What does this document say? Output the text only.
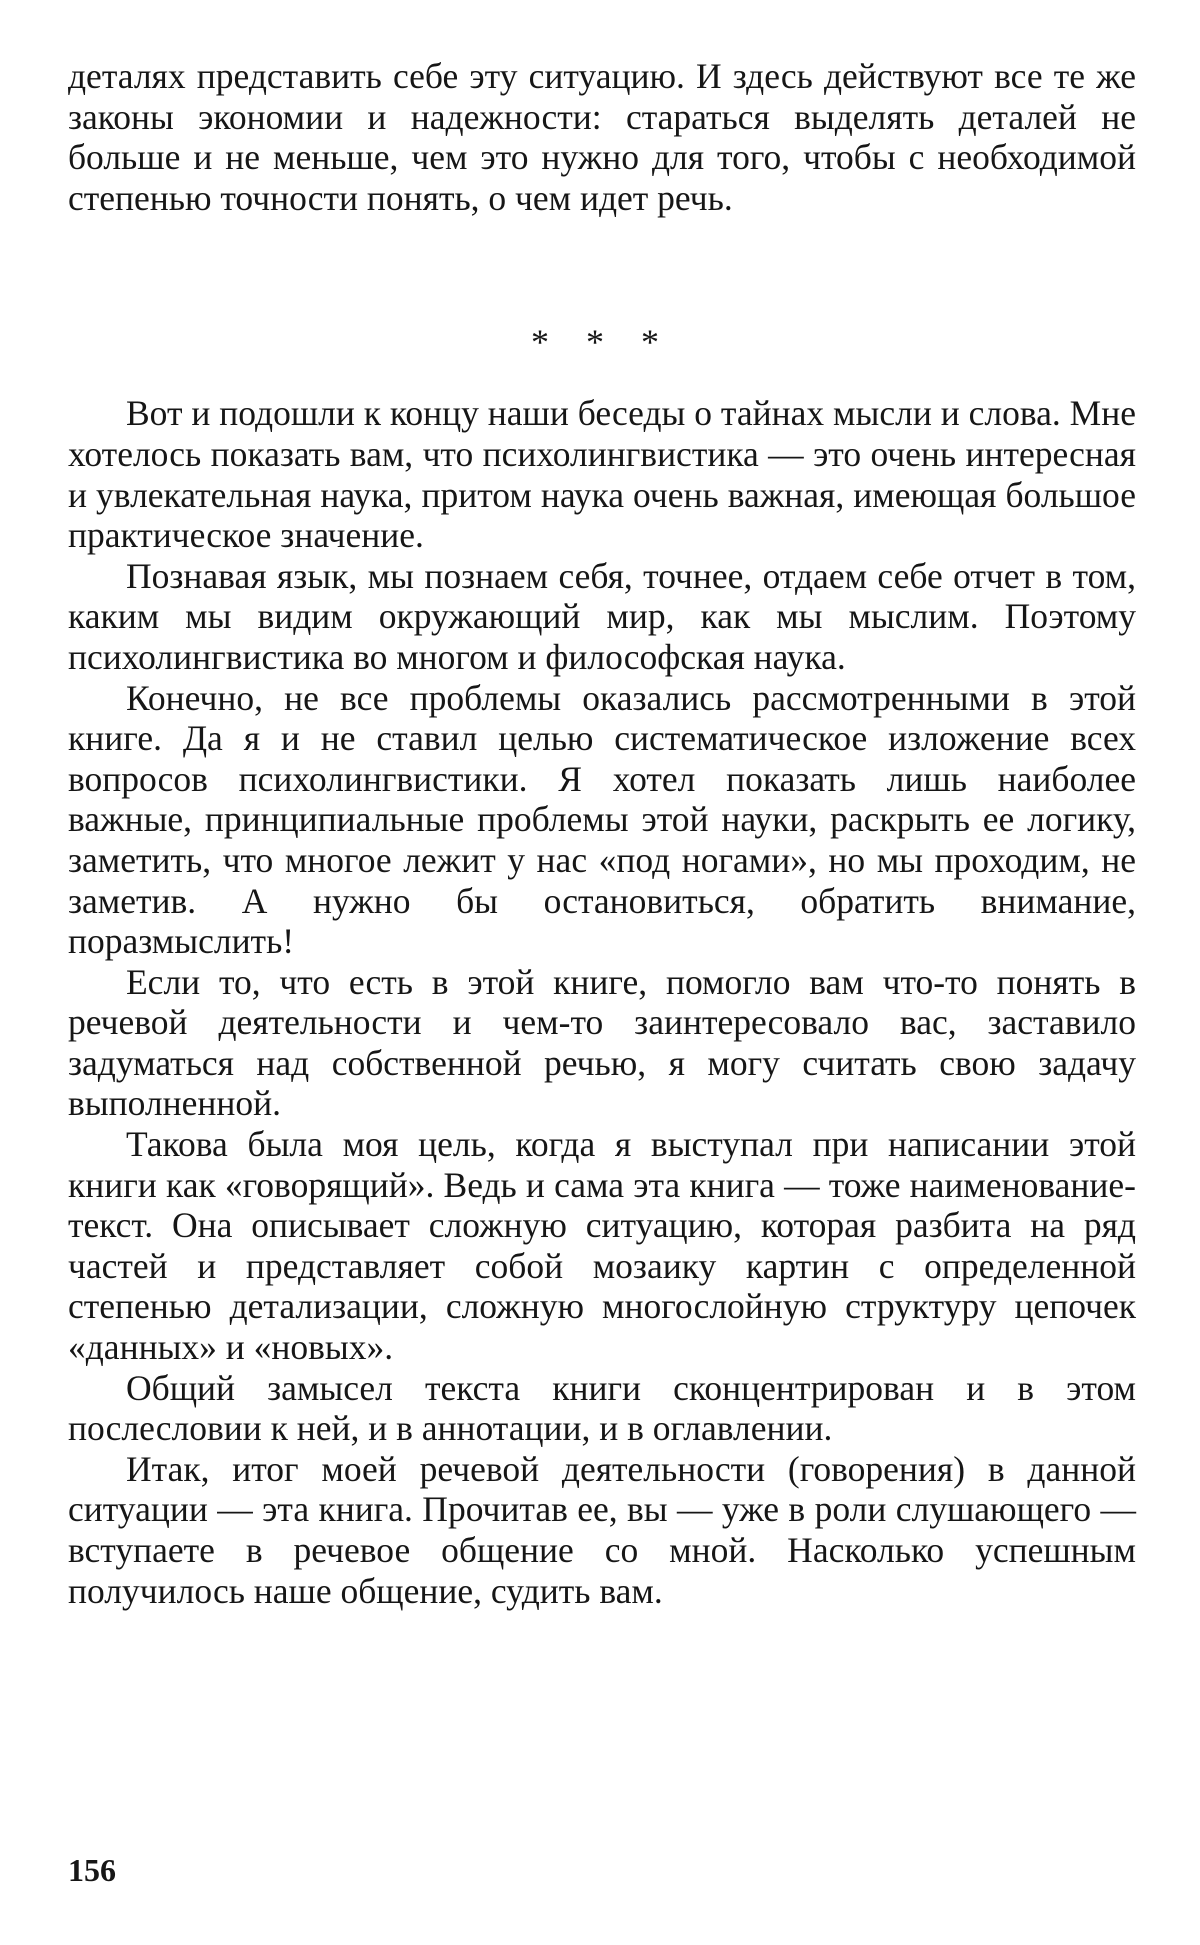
деталях представить себе эту ситуацию. И здесь действуют все те же законы экономии и надежности: стараться выделять деталей не больше и не меньше, чем это нужно для того, чтобы с необходимой степенью точности понять, о чем идет речь.

* * *

Вот и подошли к концу наши беседы о тайнах мысли и слова. Мне хотелось показать вам, что психолингвистика — это очень интересная и увлекательная наука, притом наука очень важная, имеющая большое практическое значение.

Познавая язык, мы познаем себя, точнее, отдаем себе отчет в том, каким мы видим окружающий мир, как мы мыслим. Поэтому психолингвистика во многом и философская наука.

Конечно, не все проблемы оказались рассмотренными в этой книге. Да я и не ставил целью систематическое изложение всех вопросов психолингвистики. Я хотел показать лишь наиболее важные, принципиальные проблемы этой науки, раскрыть ее логику, заметить, что многое лежит у нас «под ногами», но мы проходим, не заметив. А нужно бы остановиться, обратить внимание, поразмыслить!

Если то, что есть в этой книге, помогло вам что-то понять в речевой деятельности и чем-то заинтересовало вас, заставило задуматься над собственной речью, я могу считать свою задачу выполненной.

Такова была моя цель, когда я выступал при написании этой книги как «говорящий». Ведь и сама эта книга — тоже наименование-текст. Она описывает сложную ситуацию, которая разбита на ряд частей и представляет собой мозаику картин с определенной степенью детализации, сложную многослойную структуру цепочек «данных» и «новых».

Общий замысел текста книги сконцентрирован и в этом послесловии к ней, и в аннотации, и в оглавлении.

Итак, итог моей речевой деятельности (говорения) в данной ситуации — эта книга. Прочитав ее, вы — уже в роли слушающего — вступаете в речевое общение со мной. Насколько успешным получилось наше общение, судить вам.

156
